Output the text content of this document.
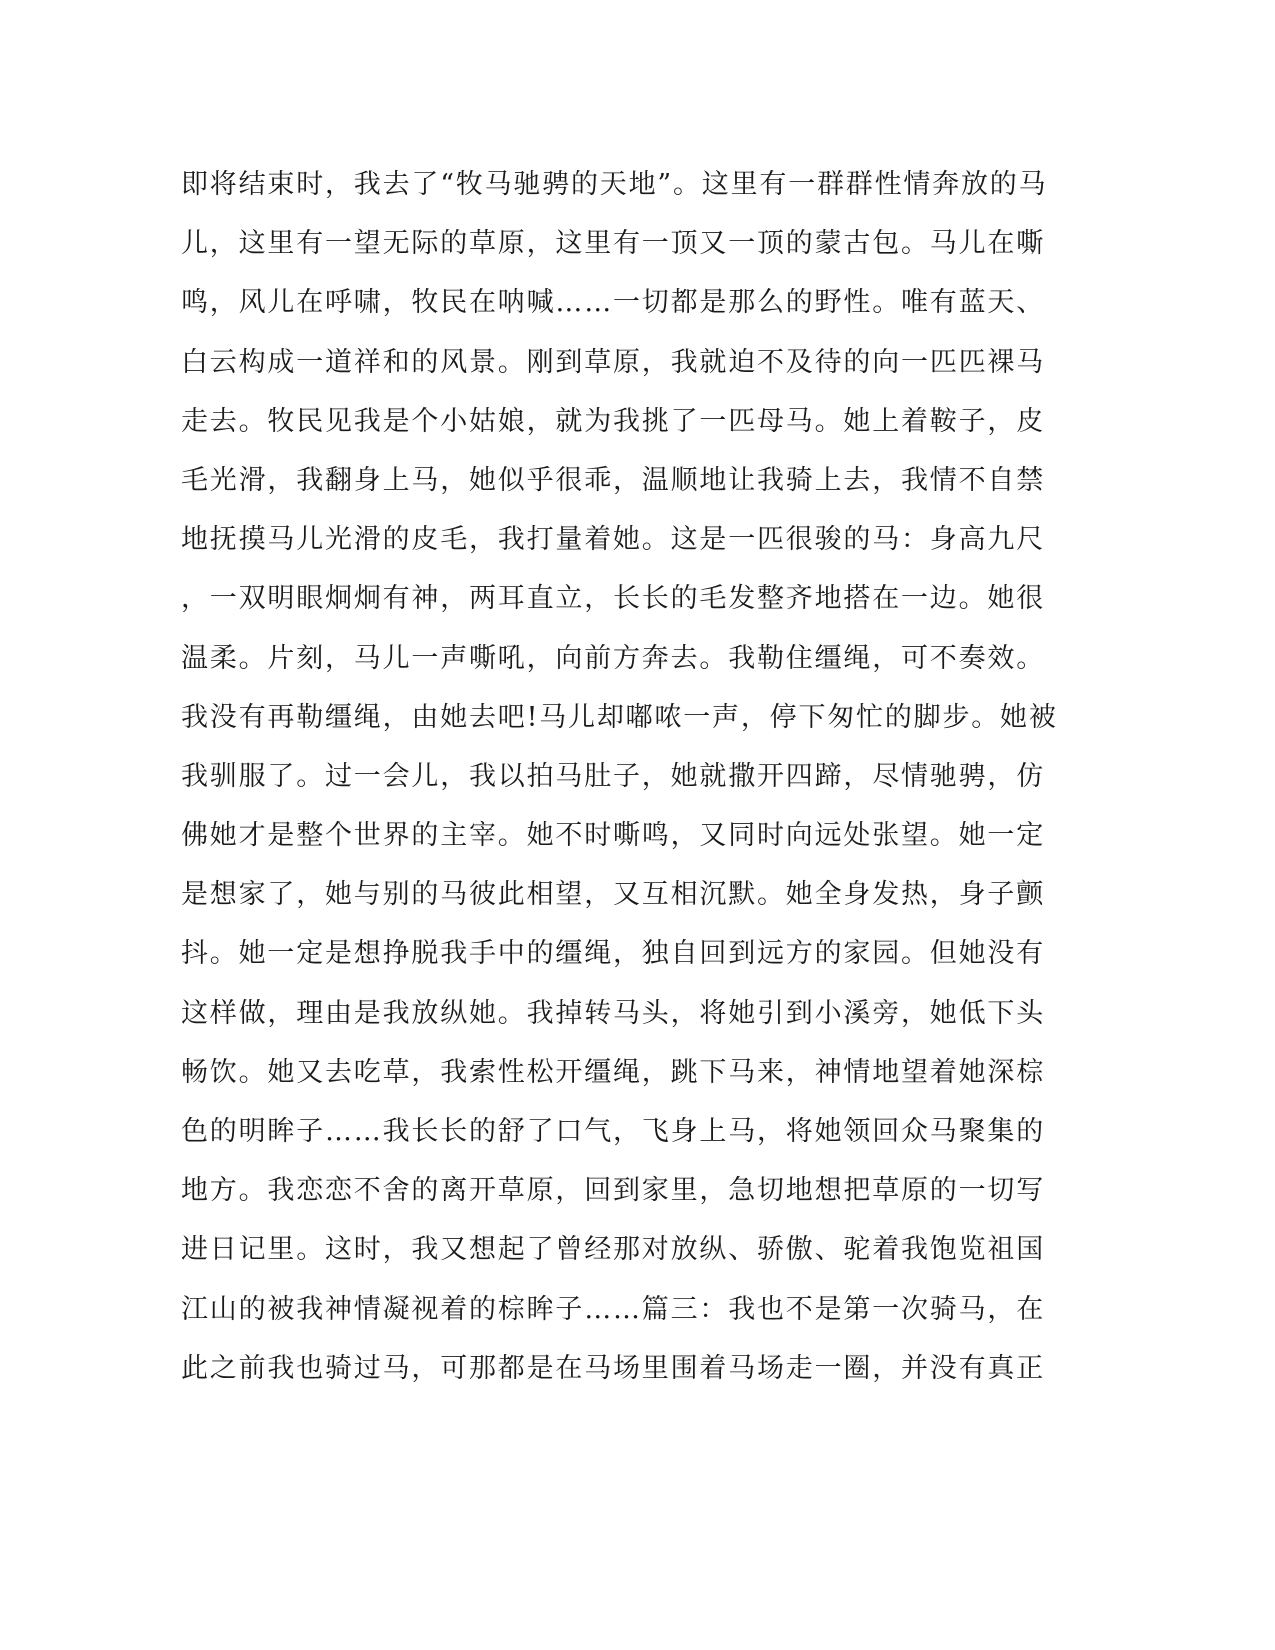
即将结束时，我去了“牧马驰骋的天地”。这里有一群群性情奔放的马
儿，这里有一望无际的草原，这里有一顶又一顶的蒙古包。马儿在嘶
鸣，风儿在呼啸，牧民在呐喊……一切都是那么的野性。唯有蓝天、
白云构成一道祥和的风景。刚到草原，我就迫不及待的向一匹匹裸马
走去。牧民见我是个小姑娘，就为我挑了一匹母马。她上着鞍子，皮
毛光滑，我翻身上马，她似乎很乖，温顺地让我骑上去，我情不自禁
地抚摸马儿光滑的皮毛，我打量着她。这是一匹很骏的马：身高九尺
，一双明眼炯炯有神，两耳直立，长长的毛发整齐地搭在一边。她很
温柔。片刻，马儿一声嘶吼，向前方奔去。我勒住缰绳，可不奏效。
我没有再勒缰绳，由她去吧!马儿却嘟哝一声，停下匆忙的脚步。她被
我驯服了。过一会儿，我以拍马肚子，她就撒开四蹄，尽情驰骋，仿
佛她才是整个世界的主宰。她不时嘶鸣，又同时向远处张望。她一定
是想家了，她与别的马彼此相望，又互相沉默。她全身发热，身子颤
抖。她一定是想挣脱我手中的缰绳，独自回到远方的家园。但她没有
这样做，理由是我放纵她。我掉转马头，将她引到小溪旁，她低下头
畅饮。她又去吃草，我索性松开缰绳，跳下马来，神情地望着她深棕
色的明眸子……我长长的舒了口气，飞身上马，将她领回众马聚集的
地方。我恋恋不舍的离开草原，回到家里，急切地想把草原的一切写
进日记里。这时，我又想起了曾经那对放纵、骄傲、驼着我饱览祖国
江山的被我神情凝视着的棕眸子……篇三：我也不是第一次骑马，在
此之前我也骑过马，可那都是在马场里围着马场走一圈，并没有真正
